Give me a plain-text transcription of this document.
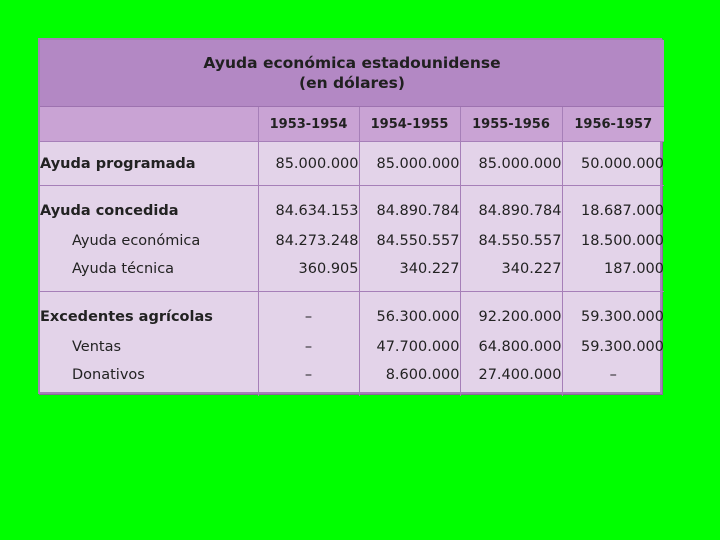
Ayuda económica estadounidense
(en dólares)				

	1953-1954	1954-1955	1955-1956	1956-1957
Ayuda programada	85.000.000	85.000.000	85.000.000	50.000.000
Ayuda concedida	84.634.153	84.890.784	84.890.784	18.687.000
Ayuda económica	84.273.248	84.550.557	84.550.557	18.500.000
Ayuda técnica	360.905	340.227	340.227	187.000
Excedentes agrícolas	–	56.300.000	92.200.000	59.300.000
Ventas	–	47.700.000	64.800.000	59.300.000
Donativos	–	8.600.000	27.400.000	–
